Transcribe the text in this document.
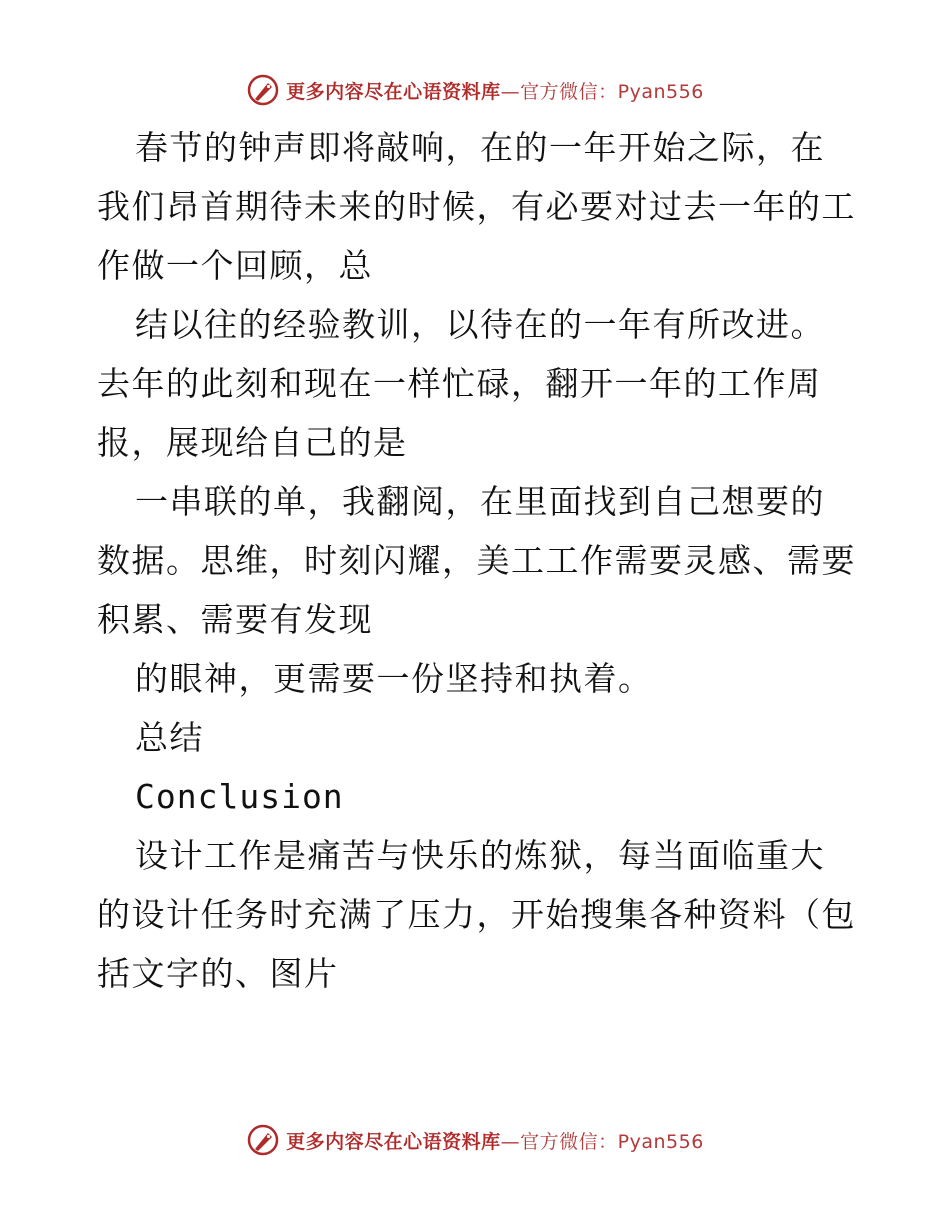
更多内容尽在心语资料库—官方微信：Pyan556

春节的钟声即将敲响，在的一年开始之际，在我们昂首期待未来的时候，有必要对过去一年的工作做一个回顾，总

结以往的经验教训，以待在的一年有所改进。去年的此刻和现在一样忙碌，翻开一年的工作周报，展现给自己的是

一串联的单，我翻阅，在里面找到自己想要的数据。思维，时刻闪耀，美工工作需要灵感、需要积累、需要有发现

的眼神，更需要一份坚持和执着。

总结

Conclusion

设计工作是痛苦与快乐的炼狱，每当面临重大的设计任务时充满了压力，开始搜集各种资料（包括文字的、图片

更多内容尽在心语资料库—官方微信：Pyan556
